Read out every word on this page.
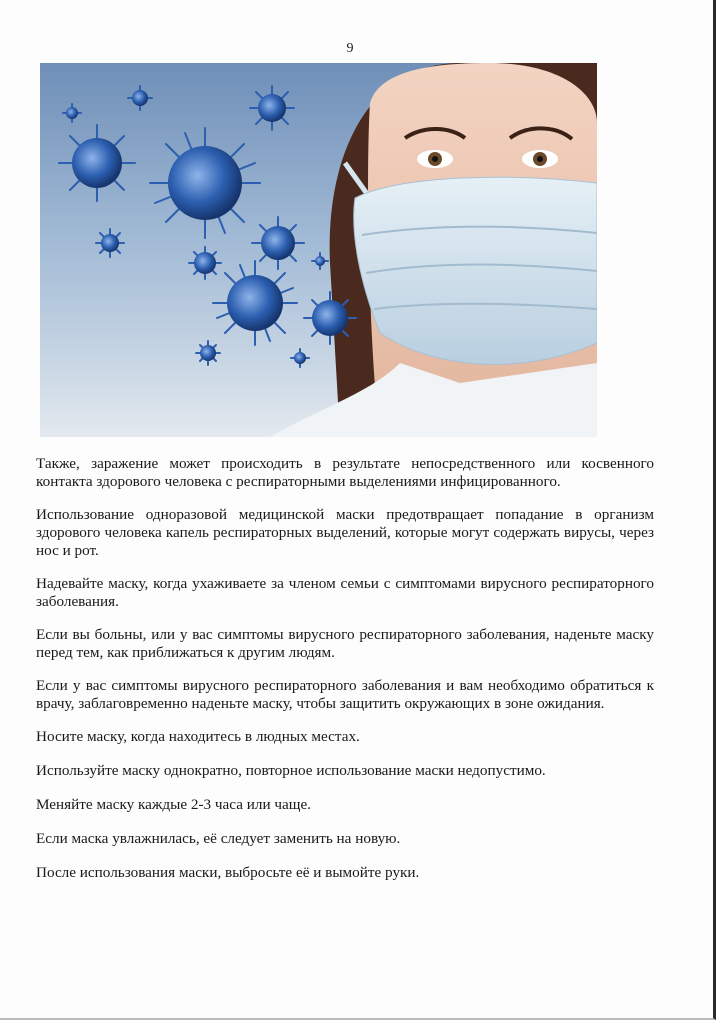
9

Также, заражение может происходить в результате непосредственного или косвенного контакта здорового человека с респираторными выделениями инфицированного.

Использование одноразовой медицинской маски предотвращает попадание в организм здорового человека капель респираторных выделений, которые могут содержать вирусы, через нос и рот.

Надевайте маску, когда ухаживаете за членом семьи с симптомами вирусного респираторного заболевания.

Если вы больны, или у вас симптомы вирусного респираторного заболевания, наденьте маску перед тем, как приближаться к другим людям.

Если у вас симптомы вирусного респираторного заболевания и вам необходимо обратиться к врачу, заблаговременно наденьте маску, чтобы защитить окружающих в зоне ожидания.

Носите маску, когда находитесь в людных местах.

Используйте маску однократно, повторное использование маски недопустимо.

Меняйте маску каждые 2-3 часа или чаще.

Если маска увлажнилась, её следует заменить на новую.

После использования маски, выбросьте её и вымойте руки.
